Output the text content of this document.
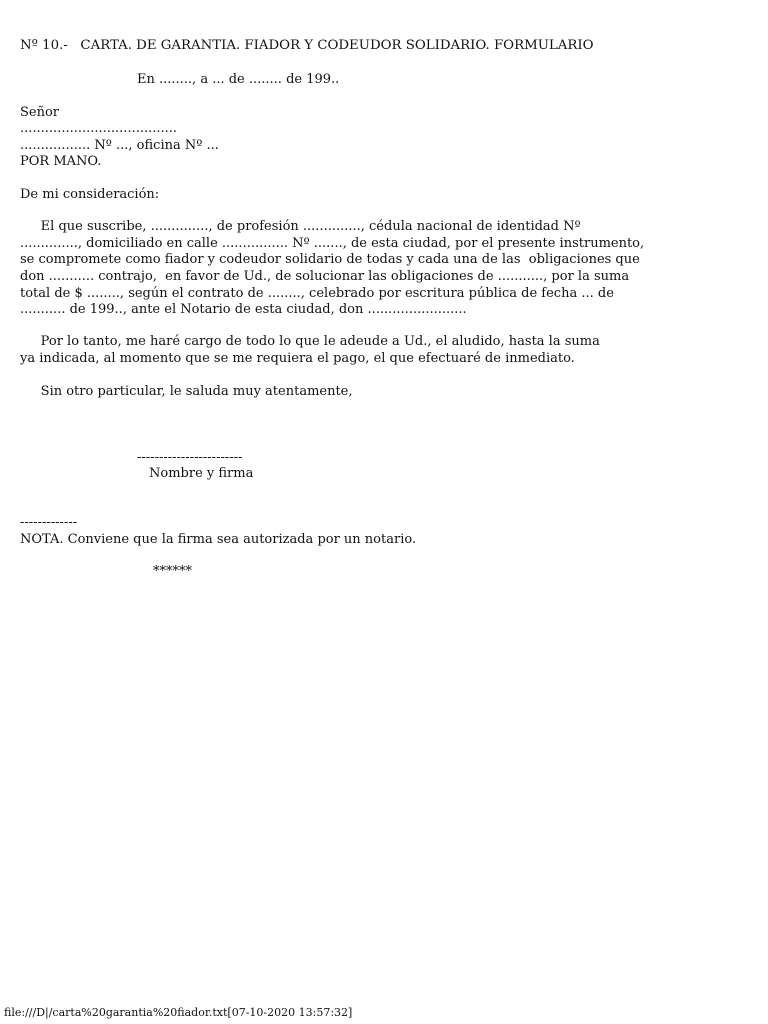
Nº 10.-   CARTA. DE GARANTIA. FIADOR Y CODEUDOR SOLIDARIO. FORMULARIO
En ........, a ... de ........ de 199..
Señor
......................................
................. Nº ..., oficina Nº ...
POR MANO.
De mi consideración:
El que suscribe, .............., de profesión .............., cédula nacional de identidad Nº
.............., domiciliado en calle ................ Nº ......., de esta ciudad, por el presente instrumento,
se compromete como fiador y codeudor solidario de todas y cada una de las  obligaciones que
don ........... contrajo,  en favor de Ud., de solucionar las obligaciones de ..........., por la suma
total de $ ........, según el contrato de ........, celebrado por escritura pública de fecha ... de
........... de 199.., ante el Notario de esta ciudad, don ........................
Por lo tanto, me haré cargo de todo lo que le adeude a Ud., el aludido, hasta la suma
ya indicada, al momento que se me requiera el pago, el que efectuaré de inmediato.
Sin otro particular, le saluda muy atentamente,
------------------------
Nombre y firma
-------------
NOTA. Conviene que la firma sea autorizada por un notario.
******
file:///D|/carta%20garantia%20fiador.txt[07-10-2020 13:57:32]
